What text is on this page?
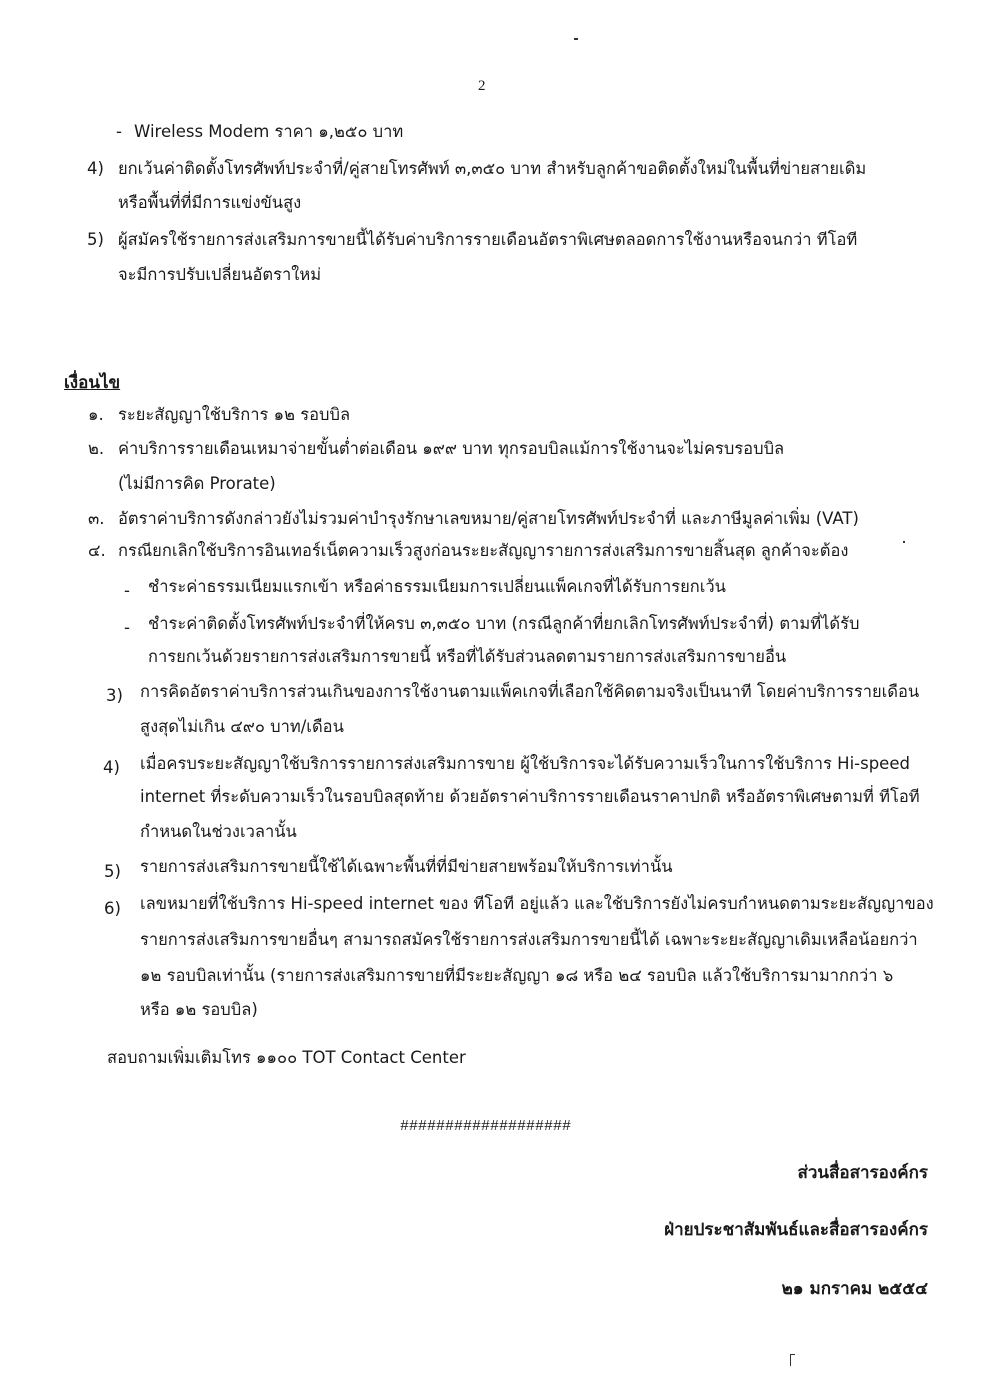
2
- Wireless Modem ราคา ๑,๒๕๐ บาท
4) ยกเว้นค่าติดตั้งโทรศัพท์ประจำที่/คู่สายโทรศัพท์ ๓,๓๕๐ บาท สำหรับลูกค้าขอติดตั้งใหม่ในพื้นที่ข่ายสายเดิม
หรือพื้นที่ที่มีการแข่งขันสูง
5) ผู้สมัครใช้รายการส่งเสริมการขายนี้ได้รับค่าบริการรายเดือนอัตราพิเศษตลอดการใช้งานหรือจนกว่า ทีโอที
จะมีการปรับเปลี่ยนอัตราใหม่
เงื่อนไข
๑. ระยะสัญญาใช้บริการ ๑๒ รอบบิล
๒. ค่าบริการรายเดือนเหมาจ่ายขั้นต่ำต่อเดือน ๑๙๙ บาท ทุกรอบบิลแม้การใช้งานจะไม่ครบรอบบิล
(ไม่มีการคิด Prorate)
๓. อัตราค่าบริการดังกล่าวยังไม่รวมค่าบำรุงรักษาเลขหมาย/คู่สายโทรศัพท์ประจำที่ และภาษีมูลค่าเพิ่ม (VAT)
๔. กรณียกเลิกใช้บริการอินเทอร์เน็ตความเร็วสูงก่อนระยะสัญญารายการส่งเสริมการขายสิ้นสุด ลูกค้าจะต้อง
- ชำระค่าธรรมเนียมแรกเข้า หรือค่าธรรมเนียมการเปลี่ยนแพ็คเกจที่ได้รับการยกเว้น
- ชำระค่าติดตั้งโทรศัพท์ประจำที่ให้ครบ ๓,๓๕๐ บาท (กรณีลูกค้าที่ยกเลิกโทรศัพท์ประจำที่) ตามที่ได้รับ
การยกเว้นด้วยรายการส่งเสริมการขายนี้ หรือที่ได้รับส่วนลดตามรายการส่งเสริมการขายอื่น
3) การคิดอัตราค่าบริการส่วนเกินของการใช้งานตามแพ็คเกจที่เลือกใช้คิดตามจริงเป็นนาที โดยค่าบริการรายเดือน
สูงสุดไม่เกิน ๔๙๐ บาท/เดือน
4) เมื่อครบระยะสัญญาใช้บริการรายการส่งเสริมการขาย ผู้ใช้บริการจะได้รับความเร็วในการใช้บริการ Hi-speed
internet ที่ระดับความเร็วในรอบบิลสุดท้าย ด้วยอัตราค่าบริการรายเดือนราคาปกติ หรืออัตราพิเศษตามที่ ทีโอที
กำหนดในช่วงเวลานั้น
5) รายการส่งเสริมการขายนี้ใช้ได้เฉพาะพื้นที่ที่มีข่ายสายพร้อมให้บริการเท่านั้น
6) เลขหมายที่ใช้บริการ Hi-speed internet ของ ทีโอที อยู่แล้ว และใช้บริการยังไม่ครบกำหนดตามระยะสัญญาของ
รายการส่งเสริมการขายอื่นๆ สามารถสมัครใช้รายการส่งเสริมการขายนี้ได้ เฉพาะระยะสัญญาเดิมเหลือน้อยกว่า
๑๒ รอบบิลเท่านั้น (รายการส่งเสริมการขายที่มีระยะสัญญา ๑๘ หรือ ๒๔ รอบบิล แล้วใช้บริการมามากกว่า ๖
หรือ ๑๒ รอบบิล)
สอบถามเพิ่มเติมโทร ๑๑๐๐ TOT Contact Center
###################
ส่วนสื่อสารองค์กร
ฝ่ายประชาสัมพันธ์และสื่อสารองค์กร
๒๑ มกราคม ๒๕๕๔
